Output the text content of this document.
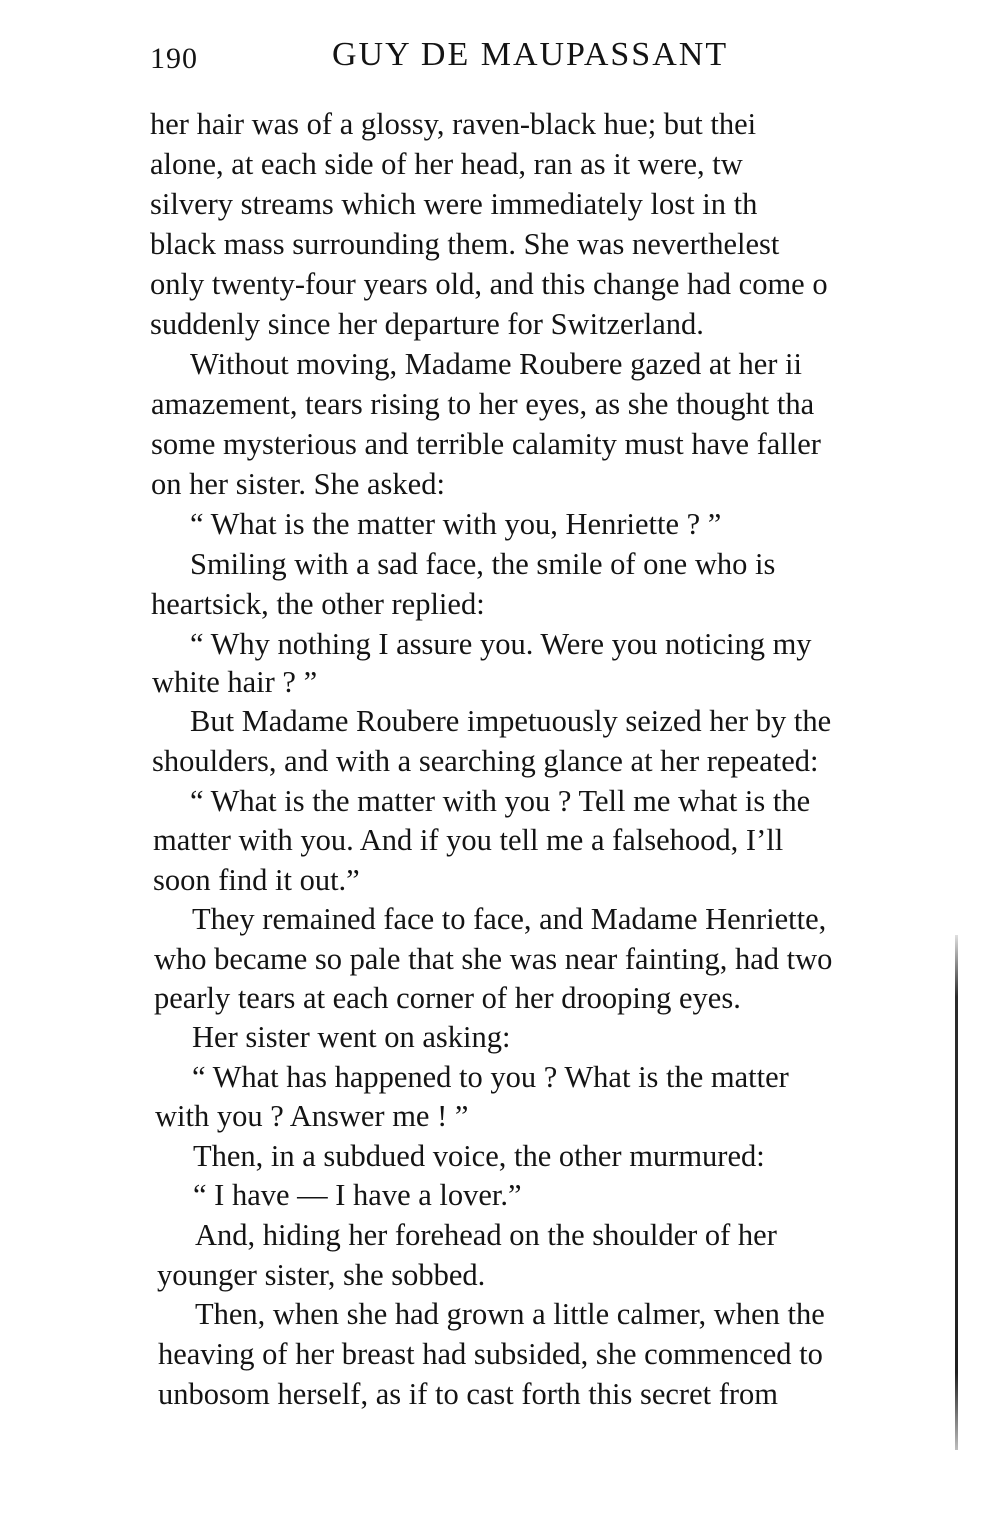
190	GUY DE MAUPASSANT
her hair was of a glossy, raven-black hue; but thei
alone, at each side of her head, ran as it were, tw
silvery streams which were immediately lost in th
black mass surrounding them. She was neverthelest
only twenty-four years old, and this change had come o
suddenly since her departure for Switzerland.
Without moving, Madame Roubere gazed at her ii
amazement, tears rising to her eyes, as she thought tha
some mysterious and terrible calamity must have faller
on her sister. She asked:
“ What is the matter with you, Henriette ? ”
Smiling with a sad face, the smile of one who is
heartsick, the other replied:
“ Why nothing I assure you. Were you noticing my
white hair ? ”
But Madame Roubere impetuously seized her by the
shoulders, and with a searching glance at her repeated:
“ What is the matter with you ? Tell me what is the
matter with you. And if you tell me a falsehood, I’ll
soon find it out.”
They remained face to face, and Madame Henriette,
who became so pale that she was near fainting, had two
pearly tears at each corner of her drooping eyes.
Her sister went on asking:
“ What has happened to you ? What is the matter
with you ? Answer me ! ”
Then, in a subdued voice, the other murmured:
“ I have — I have a lover.”
And, hiding her forehead on the shoulder of her
younger sister, she sobbed.
Then, when she had grown a little calmer, when the
heaving of her breast had subsided, she commenced to
unbosom herself, as if to cast forth this secret from
